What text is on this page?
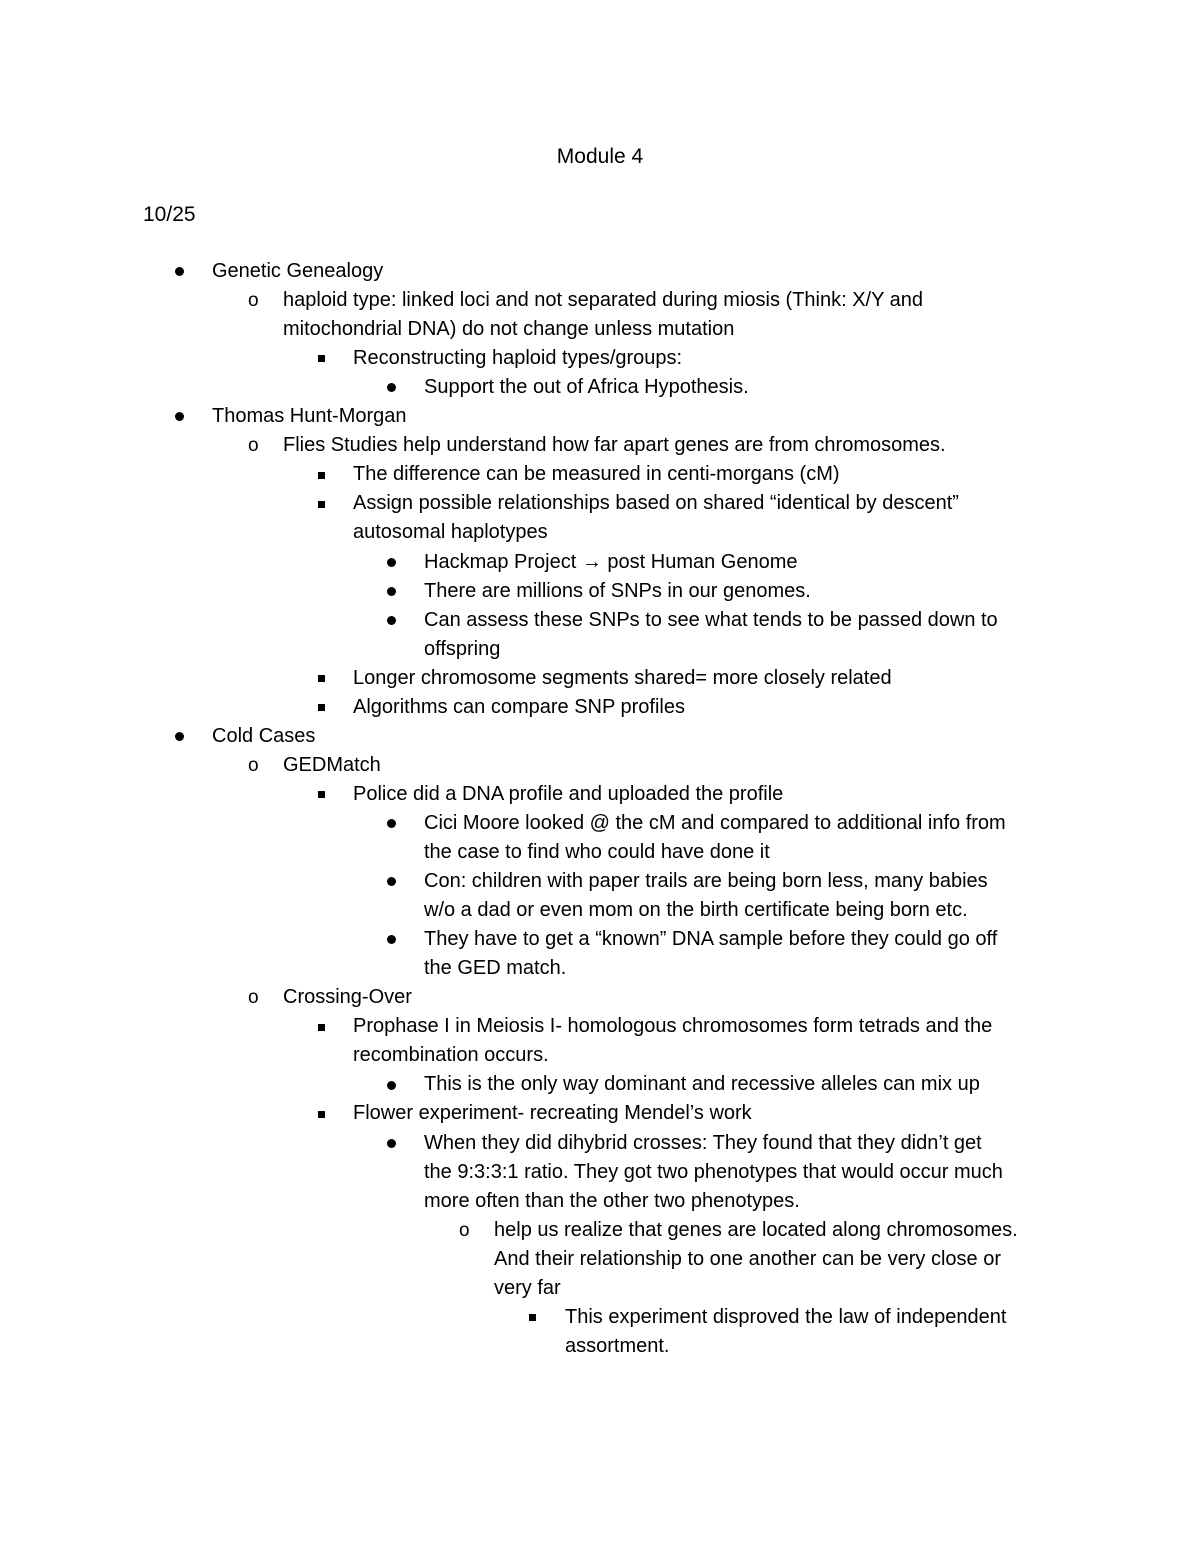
Module 4
10/25
Genetic Genealogy
o haploid type: linked loci and not separated during miosis (Think: X/Y and
mitochondrial DNA) do not change unless mutation
Reconstructing haploid types/groups:
Support the out of Africa Hypothesis.
Thomas Hunt-Morgan
o Flies Studies help understand how far apart genes are from chromosomes.
The difference can be measured in centi-morgans (cM)
Assign possible relationships based on shared “identical by descent”
autosomal haplotypes
Hackmap Project → post Human Genome
There are millions of SNPs in our genomes.
Can assess these SNPs to see what tends to be passed down to
offspring
Longer chromosome segments shared= more closely related
Algorithms can compare SNP profiles
Cold Cases
o GEDMatch
Police did a DNA profile and uploaded the profile
Cici Moore looked @ the cM and compared to additional info from
the case to find who could have done it
Con: children with paper trails are being born less, many babies
w/o a dad or even mom on the birth certificate being born etc.
They have to get a “known” DNA sample before they could go off
the GED match.
o Crossing-Over
Prophase I in Meiosis I- homologous chromosomes form tetrads and the
recombination occurs.
This is the only way dominant and recessive alleles can mix up
Flower experiment- recreating Mendel’s work
When they did dihybrid crosses: They found that they didn’t get
the 9:3:3:1 ratio. They got two phenotypes that would occur much
more often than the other two phenotypes.
o help us realize that genes are located along chromosomes.
And their relationship to one another can be very close or
very far
This experiment disproved the law of independent
assortment.
